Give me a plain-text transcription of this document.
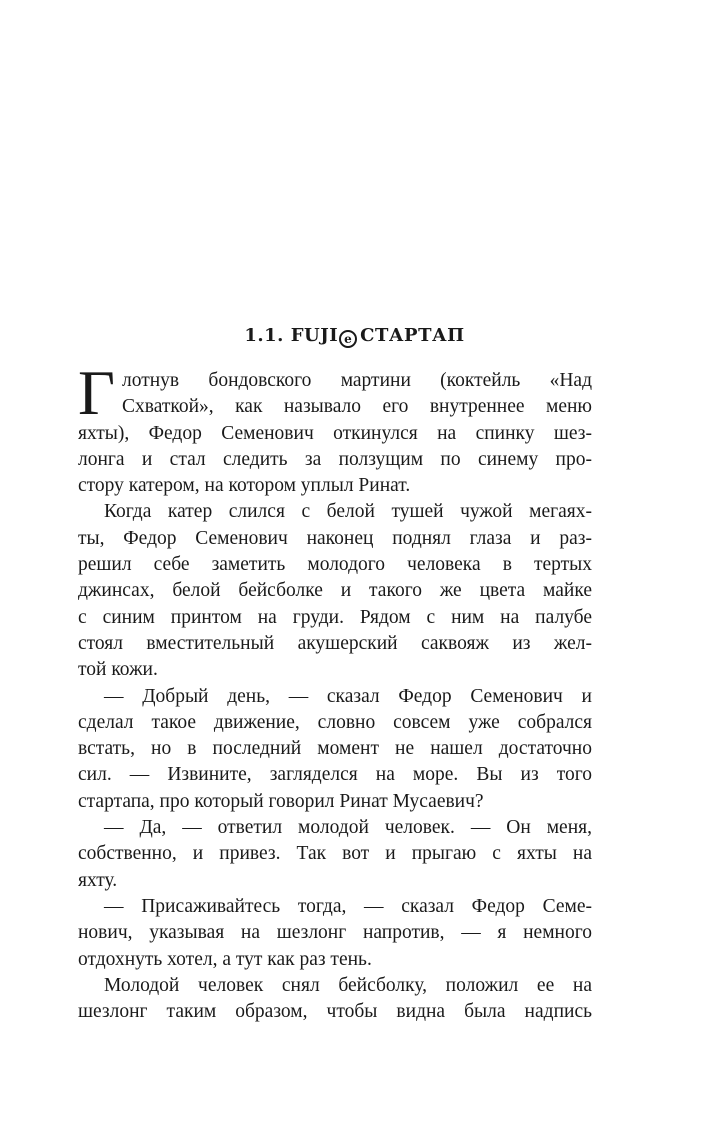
1.1. FUJI e СТАРТАП
Г лотнув бондовского мартини (коктейль «Над
Схваткой», как называло его внутреннее меню
яхты), Федор Семенович откинулся на спинку шез-
лонга и стал следить за ползущим по синему про-
стору катером, на котором уплыл Ринат.
Когда катер слился с белой тушей чужой мегаях-
ты, Федор Семенович наконец поднял глаза и раз-
решил себе заметить молодого человека в тертых
джинсах, белой бейсболке и такого же цвета майке
с синим принтом на груди. Рядом с ним на палубе
стоял вместительный акушерский саквояж из жел-
той кожи.
— Добрый день, — сказал Федор Семенович и
сделал такое движение, словно совсем уже собрался
встать, но в последний момент не нашел достаточно
сил. — Извините, загляделся на море. Вы из того
стартапа, про который говорил Ринат Мусаевич?
— Да, — ответил молодой человек. — Он меня,
собственно, и привез. Так вот и прыгаю с яхты на
яхту.
— Присаживайтесь тогда, — сказал Федор Семе-
нович, указывая на шезлонг напротив, — я немного
отдохнуть хотел, а тут как раз тень.
Молодой человек снял бейсболку, положил ее на
шезлонг таким образом, чтобы видна была надпись
